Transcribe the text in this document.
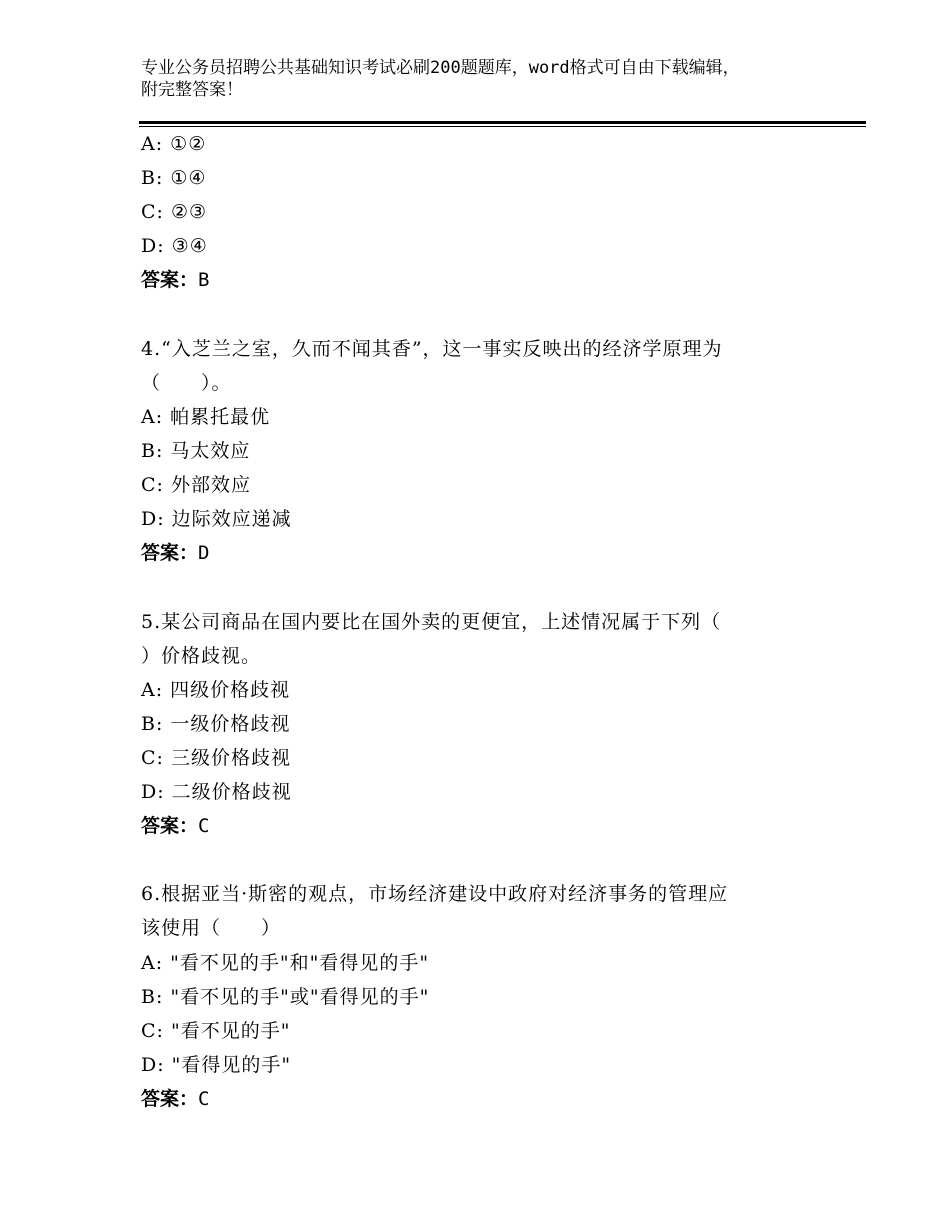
专业公务员招聘公共基础知识考试必刷200题题库，word格式可自由下载编辑，
附完整答案！
A: ①②
B: ①④
C: ②③
D: ③④
答案：B
4.“入芝兰之室，久而不闻其香”，这一事实反映出的经济学原理为
（　　）。
A: 帕累托最优
B: 马太效应
C: 外部效应
D: 边际效应递减
答案：D
5.某公司商品在国内要比在国外卖的更便宜，上述情况属于下列（
）价格歧视。
A: 四级价格歧视
B: 一级价格歧视
C: 三级价格歧视
D: 二级价格歧视
答案：C
6.根据亚当·斯密的观点，市场经济建设中政府对经济事务的管理应
该使用（　　）
A: "看不见的手"和"看得见的手"
B: "看不见的手"或"看得见的手"
C: "看不见的手"
D: "看得见的手"
答案：C
